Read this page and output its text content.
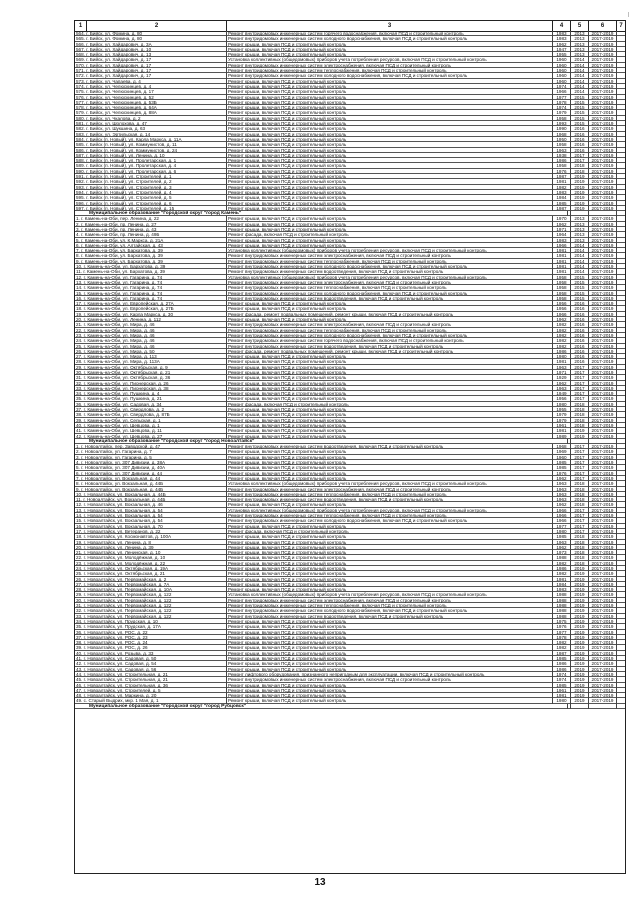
1	2	3	4	5	6	7
564. г. Бийск, ул. Фомина, д. 80	Ремонт внутридомовых инженерных систем горячего водоснабжения, включая ПСД и строительный контроль	1983	2013	2017-2019
565. г. Бийск, ул. Фомина, д. 80	Ремонт внутридомовых инженерных систем холодного водоснабжения, включая ПСД и строительный контроль	1983	2013	2017-2019
566. г. Бийск, ул. Хайдарович, д. 3А	Ремонт крыши, включая ПСД и строительный контроль	1962	2013	2017-2019
567. г. Бийск, ул. Хайдарович, д. 10	Ремонт крыши, включая ПСД и строительный контроль	1947	2013	2017-2019
568. г. Бийск, ул. Хайдарович, д. 13	Ремонт крыши, включая ПСД и строительный контроль	1955	2013	2017-2019
569. г. Бийск, ул. Хайдарович, д. 17	Установка коллективных (общедомовых) приборов учета потребления ресурсов, включая ПСД и строительный контроль	1960	2014	2017-2019
570. г. Бийск, ул. Хайдарович, д. 17	Ремонт внутридомовых инженерных систем электроснабжения, включая ПСД и строительный контроль	1960	2014	2017-2019
571. г. Бийск, ул. Хайдарович, д. 17	Ремонт внутридомовых инженерных систем теплоснабжения, включая ПСД и строительный контроль	1960	2014	2017-2019
572. г. Бийск, ул. Хайдарович, д. 17	Ремонт внутридомовых инженерных систем холодного водоснабжения, включая ПСД и строительный контроль	1960	2014	2017-2019
573. г. Бийск, ул. Чапаева, д. 4	Ремонт крыши, включая ПСД и строительный контроль	1960	2014	2017-2019
574. г. Бийск, ул. Челюскинцев, д. 4	Ремонт крыши, включая ПСД и строительный контроль	1974	2014	2017-2019
575. г. Бийск, ул. Челюскинцев, д. 17	Ремонт крыши, включая ПСД и строительный контроль	1966	2014	2017-2019
576. г. Бийск, ул. Челюскинцев, д. 52	Ремонт крыши, включая ПСД и строительный контроль	1977	2015	2017-2019
577. г. Бийск, ул. Челюскинцев, д. 53Б	Ремонт крыши, включая ПСД и строительный контроль	1978	2015	2017-2019
578. г. Бийск, ул. Челюскинцев, д. 64А	Ремонт крыши, включая ПСД и строительный контроль	1974	2015	2017-2019
579. г. Бийск, ул. Челюскинцев, д. 88А	Ремонт крыши, включая ПСД и строительный контроль	1979	2015	2017-2019
580. г. Бийск, ул. Чкалова, д. 2	Ремонт крыши, включая ПСД и строительный контроль	1958	2015	2017-2019
581. г. Бийск, ул. Шолохова, д. 47	Ремонт крыши, включая ПСД и строительный контроль	1993	2015	2017-2019
582. г. Бийск, ул. Шукшина, д. 63	Ремонт крыши, включая ПСД и строительный контроль	1990	2016	2017-2019
583. г. Бийск, ул. Эртильская, д. 14	Ремонт крыши, включая ПСД и строительный контроль	1968	2016	2017-2019
584. г. Бийск (п. Новый), ул. Карла Маркса, д. 11А	Ремонт крыши, включая ПСД и строительный контроль	1950	2016	2017-2019
585. г. Бийск (п. Новый), ул. Коммунистов, д. 11	Ремонт крыши, включая ПСД и строительный контроль	1958	2016	2017-2019
586. г. Бийск (п. Новый), ул. Коммунистов, д. 24	Ремонт крыши, включая ПСД и строительный контроль	1963	2016	2017-2019
587. г. Бийск (п. Новый), ул. Ленина, д. 10	Ремонт крыши, включая ПСД и строительный контроль	1938	2017	2017-2019
588. г. Бийск (п. Новый), ул. Пролетарская, д. 1	Ремонт крыши, включая ПСД и строительный контроль	1986	2017	2017-2019
589. г. Бийск (п. Новый), ул. Пролетарская, д. 4	Ремонт крыши, включая ПСД и строительный контроль	1958	2018	2017-2019
590. г. Бийск (п. Новый), ул. Пролетарская, д. 6	Ремонт крыши, включая ПСД и строительный контроль	1976	2018	2017-2019
591. г. Бийск (п. Новый), ул. Строителей, д. 1	Ремонт крыши, включая ПСД и строительный контроль	1987	2019	2017-2019
592. г. Бийск (п. Новый), ул. Строителей, д. 2	Ремонт крыши, включая ПСД и строительный контроль	1981	2019	2017-2019
593. г. Бийск (п. Новый), ул. Строителей, д. 3	Ремонт крыши, включая ПСД и строительный контроль	1982	2019	2017-2019
594. г. Бийск (п. Новый), ул. Строителей, д. 4	Ремонт крыши, включая ПСД и строительный контроль	1983	2019	2017-2019
595. г. Бийск (п. Новый), ул. Строителей, д. 5	Ремонт крыши, включая ПСД и строительный контроль	1984	2019	2017-2019
596. г. Бийск (п. Новый), ул. Строителей, д. 6	Ремонт крыши, включая ПСД и строительный контроль	1985	2019	2017-2019
597. г. Бийск (п. Новый), ул. Строителей, д. 15	Ремонт крыши, включая ПСД и строительный контроль	1987	2019	2017-2019
Муниципальное образование "Городской округ "город Камень"
1. г. Камень-на-Оби, пер. Ленина, д. 22	Ремонт крыши, включая ПСД и строительный контроль	1970	2013	2017-2019
2. г. Камень-на-Оби, пр. Ленина, д. 27	Ремонт крыши, включая ПСД и строительный контроль	1962	2013	2017-2019
3. г. Камень-на-Оби, пр. Ленина, д. 43	Ремонт крыши, включая ПСД и строительный контроль	1971	2013	2017-2019
4. г. Камень-на-Оби, пр. Ленина, д. 49Б	Ремонт фасада, включая ПСД и строительный контроль	1964	2013	2017-2019
5. г. Камень-на-Оби, ул. К.Маркса, д. 21А	Ремонт крыши, включая ПСД и строительный контроль	1983	2013	2017-2019
6. г. Камень-на-Оби, ул. Алтайская, д. 43	Ремонт крыши, включая ПСД и строительный контроль	1966	2014	2017-2019
7. г. Камень-на-Оби, ул. Бархатова, д. 39	Установка коллективных (общедомовых) приборов учета потребления ресурсов, включая ПСД и строительный контроль	1981	2014	2017-2019
8. г. Камень-на-Оби, ул. Бархатова, д. 39	Ремонт внутридомовых инженерных систем электроснабжения, включая ПСД и строительный контроль	1981	2014	2017-2019
9. г. Камень-на-Оби, ул. Бархатова, д. 39	Ремонт внутридомовых инженерных систем теплоснабжения, включая ПСД и строительный контроль	1981	2014	2017-2019
10. г. Камень-на-Оби, ул. Бархатова, д. 39	Ремонт внутридомовых инженерных систем холодного водоснабжения, включая ПСД и строительный контроль	1981	2014	2017-2019
11. г. Камень-на-Оби, ул. Бархатова, д. 39	Ремонт внутридомовых инженерных систем водоотведения, включая ПСД и строительный контроль	1981	2014	2017-2019
12. г. Камень-на-Оби, ул. Гагарина, д. 74	Установка коллективных (общедомовых) приборов учета потребления ресурсов, включая ПСД и строительный контроль	1958	2015	2017-2019
13. г. Камень-на-Оби, ул. Гагарина, д. 74	Ремонт внутридомовых инженерных систем электроснабжения, включая ПСД и строительный контроль	1958	2015	2017-2019
14. г. Камень-на-Оби, ул. Гагарина, д. 74	Ремонт внутридомовых инженерных систем теплоснабжения, включая ПСД и строительный контроль	1958	2015	2017-2019
15. г. Камень-на-Оби, ул. Гагарина, д. 74	Ремонт внутридомовых инженерных систем холодного водоснабжения, включая ПСД и строительный контроль	1958	2015	2017-2019
16. г. Камень-на-Оби, ул. Гагарина, д. 74	Ремонт внутридомовых инженерных систем водоотведения, включая ПСД и строительный контроль	1958	2015	2017-2019
17. г. Камень-на-Оби, ул. Европейская, д. 27А	Ремонт крыши, включая ПСД и строительный контроль	1956	2016	2017-2019
18. г. Камень-на-Оби, ул. Европейская, д. 27Б	Ремонт крыши, включая ПСД и строительный контроль	1956	2016	2017-2019
19. г. Камень-на-Оби, ул. Карла Маркса, д. 30	Ремонт фасада, ремонт подвальных помещений, ремонт крыши, включая ПСД и строительный контроль	1966	2016	2017-2019
20. г. Камень-на-Оби, ул. Ленина, д. 112	Ремонт крыши, включая ПСД и строительный контроль	1962	2016	2017-2019
21. г. Камень-на-Оби, ул. Мира, д. 46	Ремонт внутридомовых инженерных систем электроснабжения, включая ПСД и строительный контроль	1982	2016	2017-2019
22. г. Камень-на-Оби, ул. Мира, д. 46	Ремонт внутридомовых инженерных систем теплоснабжения, включая ПСД и строительный контроль	1982	2016	2017-2019
23. г. Камень-на-Оби, ул. Мира, д. 46	Ремонт внутридомовых инженерных систем холодного водоснабжения, включая ПСД и строительный контроль	1982	2016	2017-2019
24. г. Камень-на-Оби, ул. Мира, д. 46	Ремонт внутридомовых инженерных систем горячего водоснабжения, включая ПСД и строительный контроль	1982	2016	2017-2019
25. г. Камень-на-Оби, ул. Мира, д. 46	Ремонт внутридомовых инженерных систем водоотведения, включая ПСД и строительный контроль	1982	2016	2017-2019
26. г. Камень-на-Оби, ул. Мира, д. 50	Ремонт фасада, ремонт подвальных помещений, ремонт крыши, включая ПСД и строительный контроль	1986	2016	2017-2019
27. г. Камень-на-Оби, ул. Мира, д. 113	Ремонт крыши, включая ПСД и строительный контроль	1980	2016	2017-2019
28. г. Камень-на-Оби, ул. Мира, д. 113А	Ремонт крыши, включая ПСД и строительный контроль	1981	2016	2017-2019
29. г. Камень-на-Оби, ул. Октябрьская, д. 9	Ремонт крыши, включая ПСД и строительный контроль	1963	2017	2017-2019
30. г. Камень-на-Оби, ул. Октябрьская, д. 21	Ремонт крыши, включая ПСД и строительный контроль	1971	2017	2017-2019
31. г. Камень-на-Оби, ул. Октябрьская, д. 36	Ремонт крыши, включая ПСД и строительный контроль	1929	2017	2017-2019
32. г. Камень-на-Оби, ул. Пионерская, д. 26	Ремонт крыши, включая ПСД и строительный контроль	1962	2017	2017-2019
33. г. Камень-на-Оби, ул. Пионерская, д. 38	Ремонт крыши, включая ПСД и строительный контроль	1963	2017	2017-2019
34. г. Камень-на-Оби, ул. Пушкина, д. 4	Ремонт крыши, включая ПСД и строительный контроль	1949	2017	2017-2019
35. г. Камень-на-Оби, ул. Пушкина, д. 21	Ремонт крыши, включая ПСД и строительный контроль	1956	2017	2017-2019
36. г. Камень-на-Оби, ул. Садовая, д. 34	Ремонт фасада, включая ПСД и строительный контроль	1980	2018	2017-2019
37. г. Камень-на-Оби, ул. Свердлова, д. 2	Ремонт крыши, включая ПСД и строительный контроль	1955	2018	2017-2019
38. г. Камень-на-Оби, ул. Свердлова, д. 87Б	Ремонт крыши, включая ПСД и строительный контроль	1979	2018	2017-2019
39. г. Камень-на-Оби, ул. Сельская, д. 1	Ремонт крыши, включая ПСД и строительный контроль	1979	2018	2017-2019
40. г. Камень-на-Оби, ул. Шевцова, д. 1	Ремонт крыши, включая ПСД и строительный контроль	1961	2018	2017-2019
41. г. Камень-на-Оби, ул. Шевцова, д. 11	Ремонт крыши, включая ПСД и строительный контроль	1981	2019	2017-2019
42. г. Камень-на-Оби, ул. Шевцова, д. 27	Ремонт крыши, включая ПСД и строительный контроль	1989	2019	2017-2019
Муниципальное образование "Городской округ "город Новоалтайск"
1. г. Новоалтайск, пер. Заводской, д. 47	Ремонт внутридомовых инженерных систем водоотведения, включая ПСД и строительный контроль	1968	2017	2017-2019
2. г. Новоалтайск, ул. Гагарина, д. 7	Ремонт крыши, включая ПСД и строительный контроль	1969	2017	2017-2019
3. г. Новоалтайск, ул. Гагарина, д. 5	Ремонт крыши, включая ПСД и строительный контроль	1960	2017	2017-2019
4. г. Новоалтайск, ул. 307 Дивизии, д. 38А	Ремонт крыши, включая ПСД и строительный контроль	1985	2017	2017-2019
5. г. Новоалтайск, ул. 307 Дивизии, д. 40А	Ремонт крыши, включая ПСД и строительный контроль	1985	2017	2017-2019
6. г. Новоалтайск, ул. 307 Дивизии, д. 44	Ремонт крыши, включая ПСД и строительный контроль	1976	2017	2017-2019
7. г. Новоалтайск, ул. Вокзальная, д. 44	Ремонт крыши, включая ПСД и строительный контроль	1962	2017	2017-2019
8. г. Новоалтайск, ул. Вокзальная, д. 44Б	Установка коллективных (общедомовых) приборов учета потребления ресурсов, включая ПСД и строительный контроль	1963	2018	2017-2019
9. г. Новоалтайск, ул. Вокзальная, д. 44Б	Ремонт внутридомовых инженерных систем электроснабжения, включая ПСД и строительный контроль	1963	2018	2017-2019
10. г. Новоалтайск, ул. Вокзальная, д. 44Б	Ремонт внутридомовых инженерных систем теплоснабжения, включая ПСД и строительный контроль	1963	2018	2017-2019
11. г. Новоалтайск, ул. Вокзальная, д. 44Б	Ремонт внутридомовых инженерных систем водоотведения, включая ПСД и строительный контроль	1963	2018	2017-2019
12. г. Новоалтайск, ул. Вокзальная, д. 46	Ремонт крыши, включая ПСД и строительный контроль	1962	2018	2017-2019
13. г. Новоалтайск, ул. Вокзальная, д. 54	Установка коллективных (общедомовых) приборов учета потребления ресурсов, включая ПСД и строительный контроль	1966	2017	2017-2019
14. г. Новоалтайск, ул. Вокзальная, д. 54	Ремонт внутридомовых инженерных систем теплоснабжения, включая ПСД и строительный контроль	1966	2017	2017-2019
15. г. Новоалтайск, ул. Вокзальная, д. 54	Ремонт внутридомовых инженерных систем холодного водоснабжения, включая ПСД и строительный контроль	1966	2017	2017-2019
16. г. Новоалтайск, ул. Вокзальная, д. 70	Ремонт крыши, включая ПСД и строительный контроль	1977	2017	2017-2019
17. г. Новоалтайск, ул. Ветеранов, д. 22	Ремонт фасада, включая ПСД и строительный контроль	1980	2017	2017-2019
18. г. Новоалтайск, ул. Космонавтов, д. 100А	Ремонт крыши, включая ПСД и строительный контроль	1985	2018	2017-2019
19. г. Новоалтайск, ул. Ленина, д. 8	Ремонт крыши, включая ПСД и строительный контроль	1963	2018	2017-2019
20. г. Новоалтайск, ул. Ленина, д. 39	Ремонт крыши, включая ПСД и строительный контроль	1962	2018	2017-2019
21. г. Новоалтайск, ул. Ленинская, д. 10	Ремонт крыши, включая ПСД и строительный контроль	1973	2018	2017-2019
22. г. Новоалтайск, ул. Молодёжная, д. 10	Ремонт крыши, включая ПСД и строительный контроль	1988	2018	2017-2019
23. г. Новоалтайск, ул. Молодёжная, д. 22	Ремонт крыши, включая ПСД и строительный контроль	1982	2018	2017-2019
24. г. Новоалтайск, ул. Октябрьская, д. 19А	Ремонт крыши, включая ПСД и строительный контроль	1986	2019	2017-2019
25. г. Новоалтайск, ул. Октябрьская, д. 21	Ремонт крыши, включая ПСД и строительный контроль	1982	2019	2017-2019
26. г. Новоалтайск, ул. Первомайская, д. 2	Ремонт крыши, включая ПСД и строительный контроль	1981	2019	2017-2019
27. г. Новоалтайск, ул. Первомайская, д. 7А	Ремонт крыши, включая ПСД и строительный контроль	1984	2019	2017-2019
28. г. Новоалтайск, ул. Первомайская, д. 10А	Ремонт крыши, включая ПСД и строительный контроль	1983	2019	2017-2019
29. г. Новоалтайск, ул. Первомайская, д. 122	Установка коллективных (общедомовых) приборов учета потребления ресурсов, включая ПСД и строительный контроль	1988	2019	2017-2019
30. г. Новоалтайск, ул. Первомайская, д. 122	Ремонт внутридомовых инженерных систем электроснабжения, включая ПСД и строительный контроль	1988	2019	2017-2019
31. г. Новоалтайск, ул. Первомайская, д. 122	Ремонт внутридомовых инженерных систем теплоснабжения, включая ПСД и строительный контроль	1988	2019	2017-2019
32. г. Новоалтайск, ул. Первомайская, д. 122	Ремонт внутридомовых инженерных систем холодного водоснабжения, включая ПСД и строительный контроль	1988	2019	2017-2019
33. г. Новоалтайск, ул. Первомайская, д. 122	Ремонт внутридомовых инженерных систем водоотведения, включая ПСД и строительный контроль	1988	2019	2017-2019
34. г. Новоалтайск, ул. Прудская, д. 10	Ремонт крыши, включая ПСД и строительный контроль	1975	2019	2017-2019
35. г. Новоалтайск, ул. Прудская, д. 17А	Ремонт крыши, включая ПСД и строительный контроль	1976	2019	2017-2019
36. г. Новоалтайск, ул. РОС, д. 22	Ремонт крыши, включая ПСД и строительный контроль	1977	2019	2017-2019
37. г. Новоалтайск, ул. РОС, д. 23	Ремонт крыши, включая ПСД и строительный контроль	1978	2019	2017-2019
38. г. Новоалтайск, ул. РОС, д. 24	Ремонт крыши, включая ПСД и строительный контроль	1982	2019	2017-2019
39. г. Новоалтайск, ул. РОС, д. 26	Ремонт крыши, включая ПСД и строительный контроль	1982	2019	2017-2019
40. г. Новоалтайск, ул. Розыва, д. 33	Ремонт крыши, включая ПСД и строительный контроль	1987	2019	2017-2019
41. г. Новоалтайск, ул. Садовая, д. 50	Ремонт крыши, включая ПСД и строительный контроль	1985	2019	2017-2019
42. г. Новоалтайск, ул. Садовая, д. 54	Ремонт крыши, включая ПСД и строительный контроль	1986	2019	2017-2019
43. г. Новоалтайск, ул. Садовая, д. 56	Ремонт крыши, включая ПСД и строительный контроль	1986	2019	2017-2019
44. г. Новоалтайск, ул. Строительная, д. 21	Ремонт лифтового оборудования, признанного непригодным для эксплуатации, включая ПСД и строительный контроль	1974	2019	2017-2019
45. г. Новоалтайск, ул. Строительная, д. 21	Ремонт внутридомовых инженерных систем электроснабжения, включая ПСД и строительный контроль	1974	2019	2017-2019
46. г. Новоалтайск, ул. Строительная, д. 36	Ремонт крыши, включая ПСД и строительный контроль	1985	2019	2017-2019
47. г. Новоалтайск, ул. Строителей, д. 5	Ремонт крыши, включая ПСД и строительный контроль	1961	2019	2017-2019
48. г. Новоалтайск, ул. Маркина, д. 20	Ремонт крыши, включая ПСД и строительный контроль	1981	2019	2017-2019
49. с. Старый Выдрих, мкр. 1 Мая, д. 1	Ремонт крыши, включая ПСД и строительный контроль	1980	2019	2017-2019
Муниципальное образование "Городской округ "город Рубцовск"
13
|
